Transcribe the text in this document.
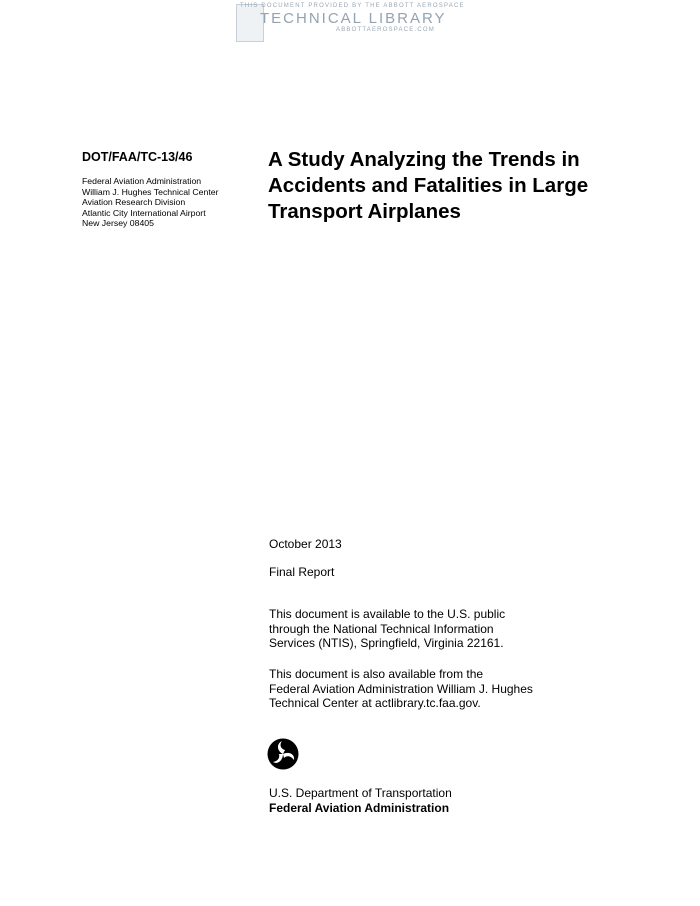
THIS DOCUMENT PROVIDED BY THE ABBOTT AEROSPACE
TECHNICAL LIBRARY
ABBOTTAEROSPACE.COM
DOT/FAA/TC-13/46
Federal Aviation Administration
William J. Hughes Technical Center
Aviation Research Division
Atlantic City International Airport
New Jersey 08405
A Study Analyzing the Trends in Accidents and Fatalities in Large Transport Airplanes
October 2013
Final Report
This document is available to the U.S. public
through the National Technical Information
Services (NTIS), Springfield, Virginia 22161.
This document is also available from the
Federal Aviation Administration William J. Hughes
Technical Center at actlibrary.tc.faa.gov.
U.S. Department of Transportation
Federal Aviation Administration
